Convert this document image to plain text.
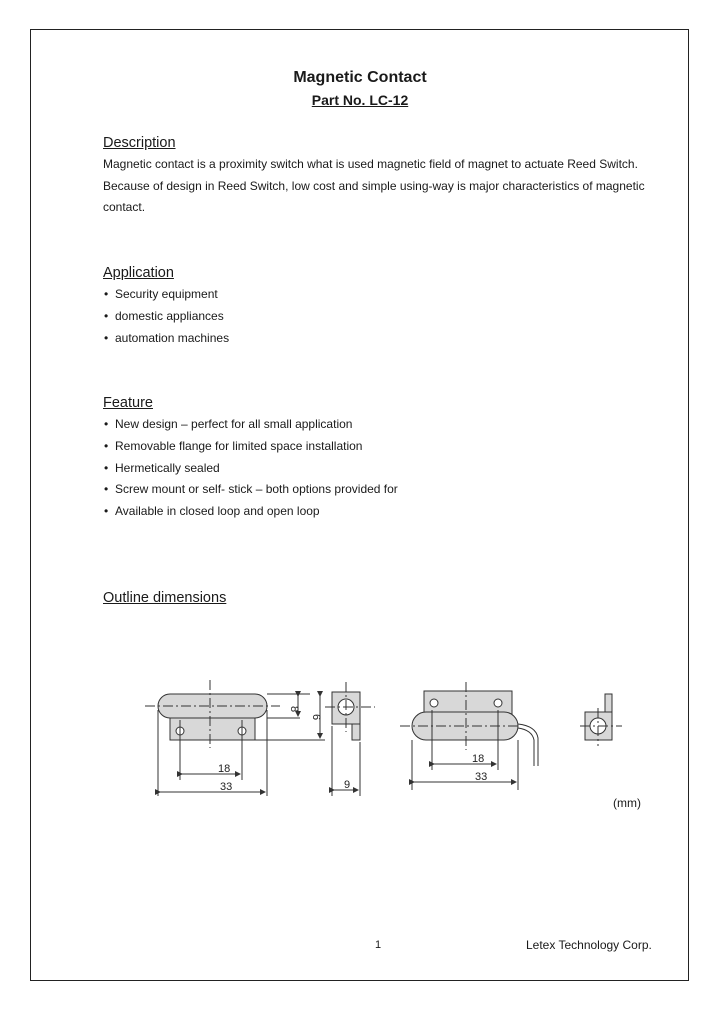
Magnetic Contact
Part No. LC-12
Description
Magnetic contact is a proximity switch what is used magnetic field of magnet to actuate Reed Switch.
Because of design in Reed Switch, low cost and simple using-way is major characteristics of magnetic
contact.
Application
• Security equipment
• domestic appliances
• automation machines
Feature
• New design – perfect for all small application
• Removable flange for limited space installation
• Hermetically sealed
• Screw mount or self- stick – both options provided for
• Available in closed loop and open loop
Outline dimensions
18
33	9
8
6
18
33
(mm)
1	Letex Technology Corp.
